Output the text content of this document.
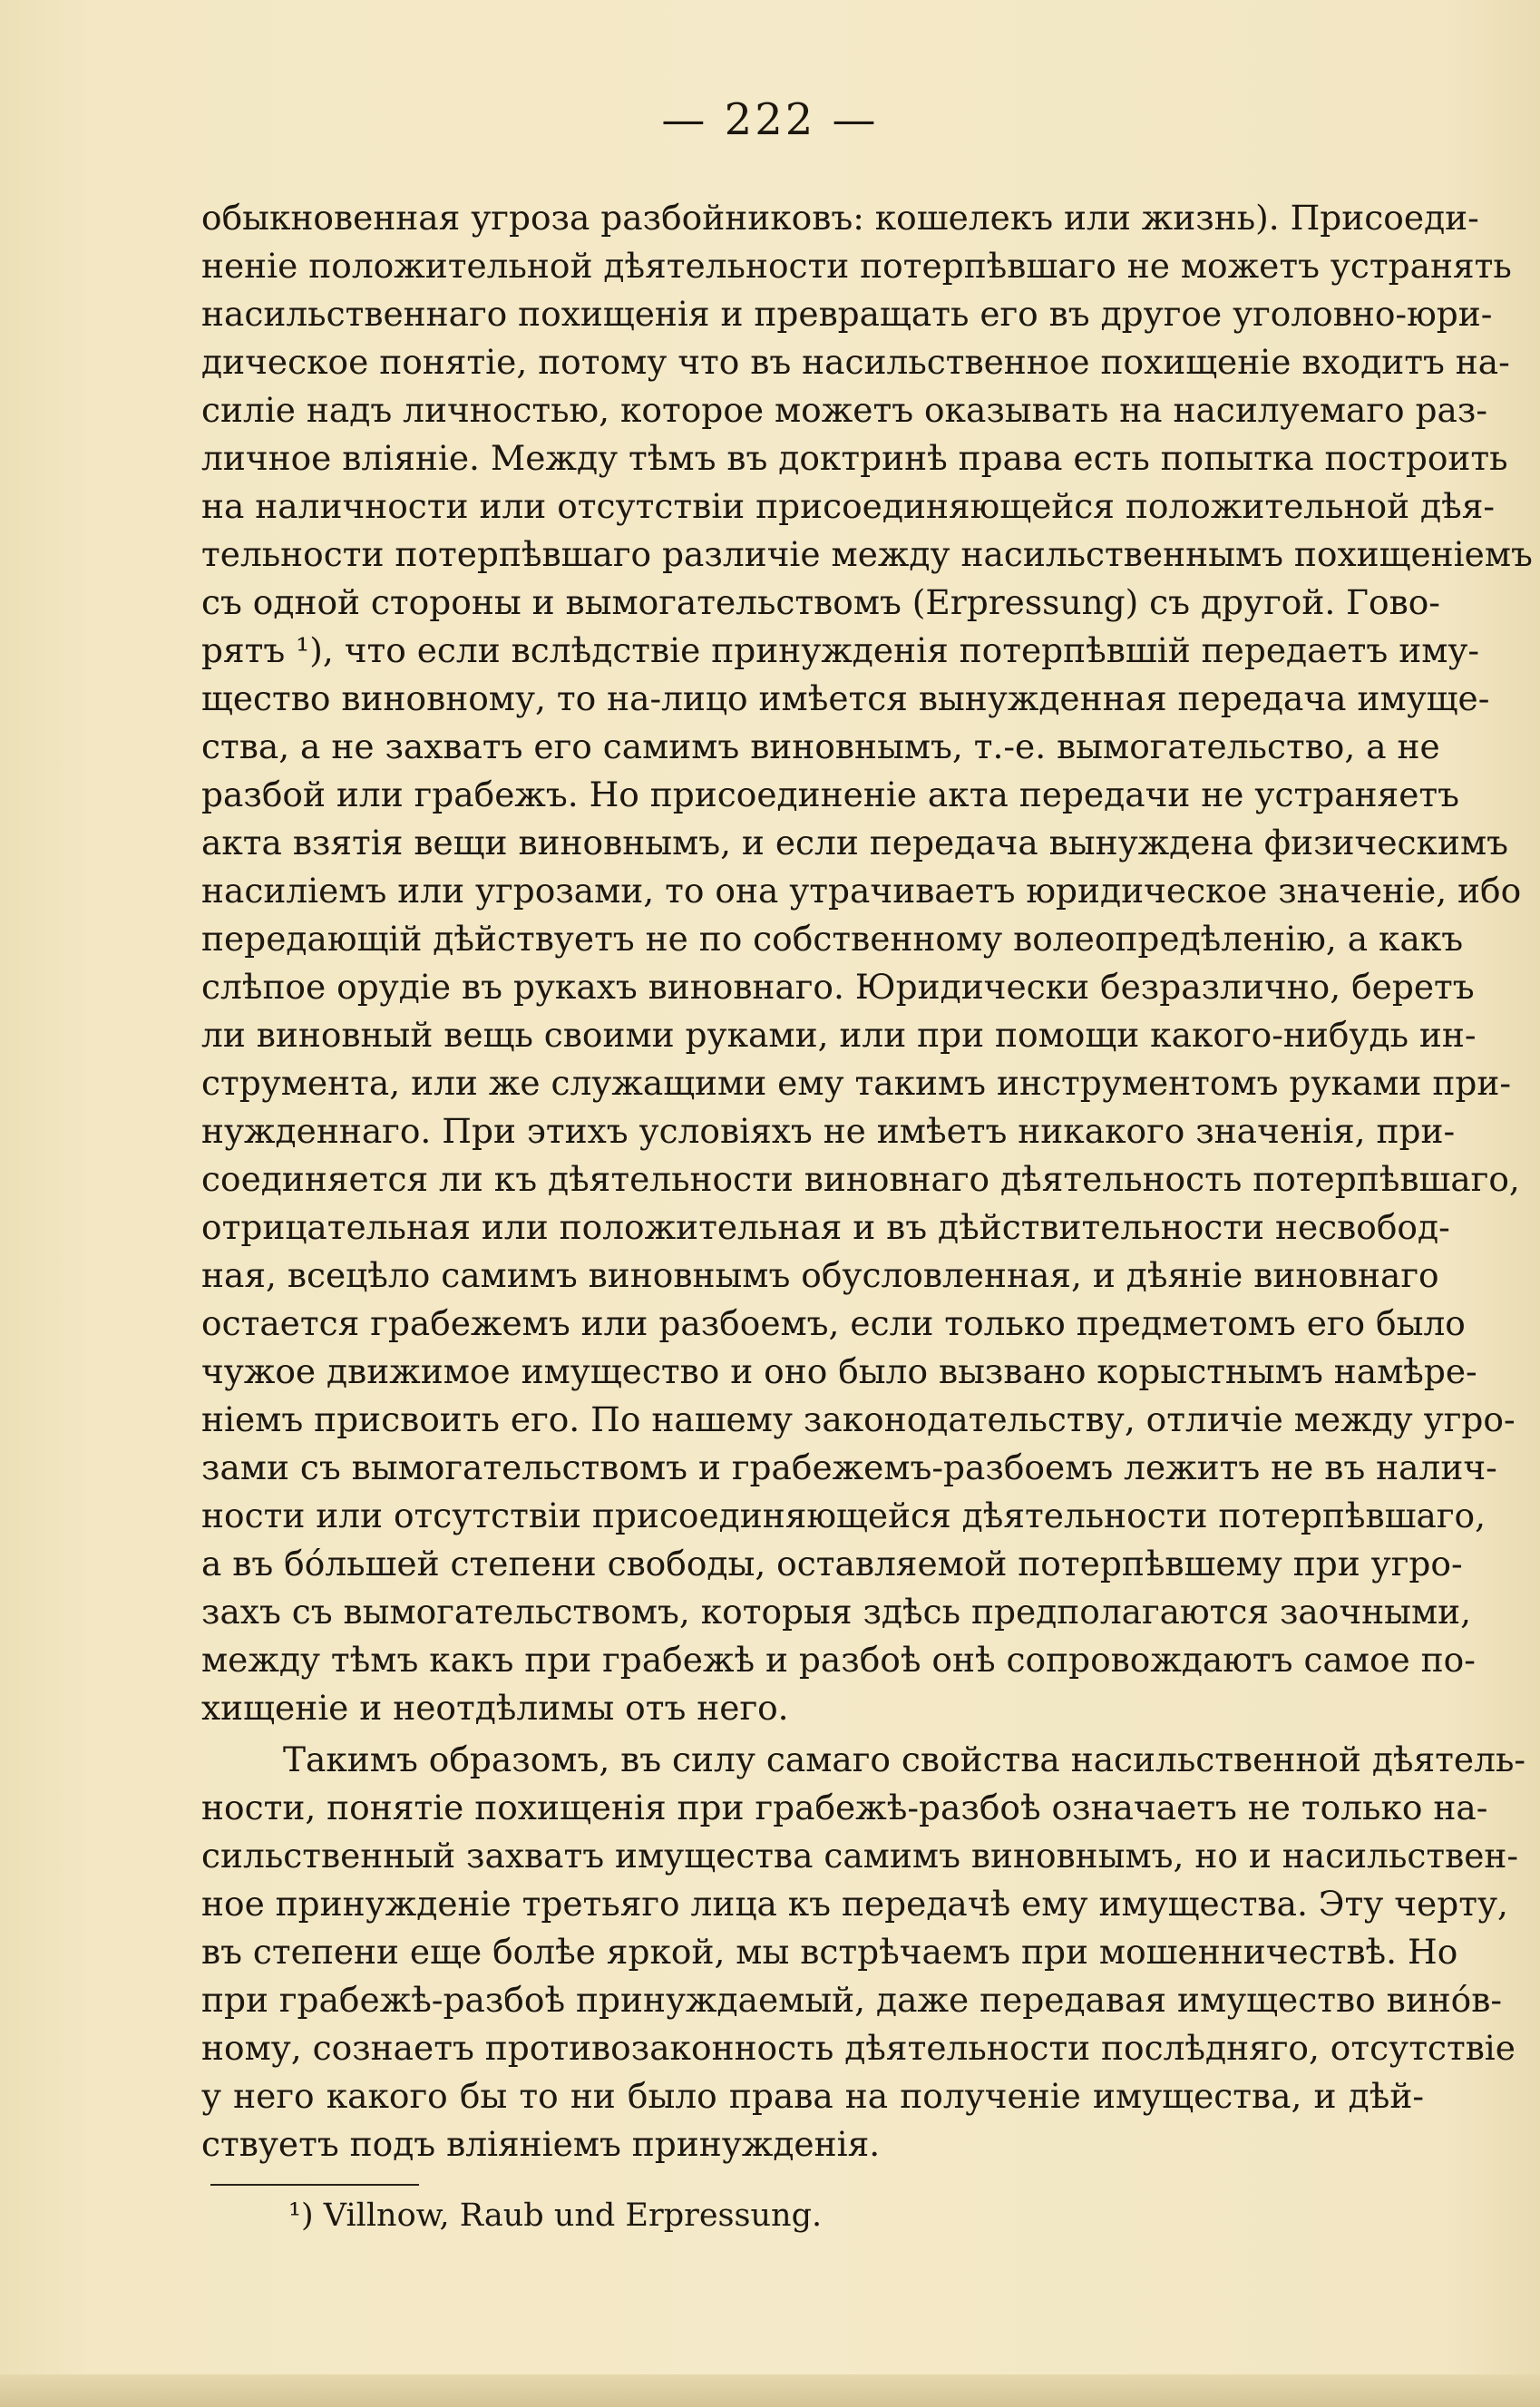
— 222 —
обыкновенная угроза разбойниковъ: кошелекъ или жизнь). Присоеди-
неніе положительной дѣятельности потерпѣвшаго не можетъ устранять
насильственнаго похищенія и превращать его въ другое уголовно-юри-
дическое понятіе, потому что въ насильственное похищеніе входитъ на-
силіе надъ личностью, которое можетъ оказывать на насилуемаго раз-
личное вліяніе. Между тѣмъ въ доктринѣ права есть попытка построить
на наличности или отсутствіи присоединяющейся положительной дѣя-
тельности потерпѣвшаго различіе между насильственнымъ похищеніемъ
съ одной стороны и вымогательствомъ (Erpressung) съ другой. Гово-
рятъ ¹), что если вслѣдствіе принужденія потерпѣвшій передаетъ иму-
щество виновному, то на-лицо имѣется вынужденная передача имуще-
ства, а не захватъ его самимъ виновнымъ, т.-е. вымогательство, а не
разбой или грабежъ. Но присоединеніе акта передачи не устраняетъ
акта взятія вещи виновнымъ, и если передача вынуждена физическимъ
насиліемъ или угрозами, то она утрачиваетъ юридическое значеніе, ибо
передающій дѣйствуетъ не по собственному волеопредѣленію, а какъ
слѣпое орудіе въ рукахъ виновнаго. Юридически безразлично, беретъ
ли виновный вещь своими руками, или при помощи какого-нибудь ин-
струмента, или же служащими ему такимъ инструментомъ руками при-
нужденнаго. При этихъ условіяхъ не имѣетъ никакого значенія, при-
соединяется ли къ дѣятельности виновнаго дѣятельность потерпѣвшаго,
отрицательная или положительная и въ дѣйствительности несвобод-
ная, всецѣло самимъ виновнымъ обусловленная, и дѣяніе виновнаго
остается грабежемъ или разбоемъ, если только предметомъ его было
чужое движимое имущество и оно было вызвано корыстнымъ намѣре-
ніемъ присвоить его. По нашему законодательству, отличіе между угро-
зами съ вымогательствомъ и грабежемъ-разбоемъ лежитъ не въ налич-
ности или отсутствіи присоединяющейся дѣятельности потерпѣвшаго,
а въ бо́льшей степени свободы, оставляемой потерпѣвшему при угро-
захъ съ вымогательствомъ, которыя здѣсь предполагаются заочными,
между тѣмъ какъ при грабежѣ и разбоѣ онѣ сопровождаютъ самое по-
хищеніе и неотдѣлимы отъ него.
Такимъ образомъ, въ силу самаго свойства насильственной дѣятель-
ности, понятіе похищенія при грабежѣ-разбоѣ означаетъ не только на-
сильственный захватъ имущества самимъ виновнымъ, но и насильствен-
ное принужденіе третьяго лица къ передачѣ ему имущества. Эту черту,
въ степени еще болѣе яркой, мы встрѣчаемъ при мошенничествѣ. Но
при грабежѣ-разбоѣ принуждаемый, даже передавая имущество вино́в-
ному, сознаетъ противозаконность дѣятельности послѣдняго, отсутствіе
у него какого бы то ни было права на полученіе имущества, и дѣй-
ствуетъ подъ вліяніемъ принужденія.
¹) Villnow, Raub und Erpressung.
